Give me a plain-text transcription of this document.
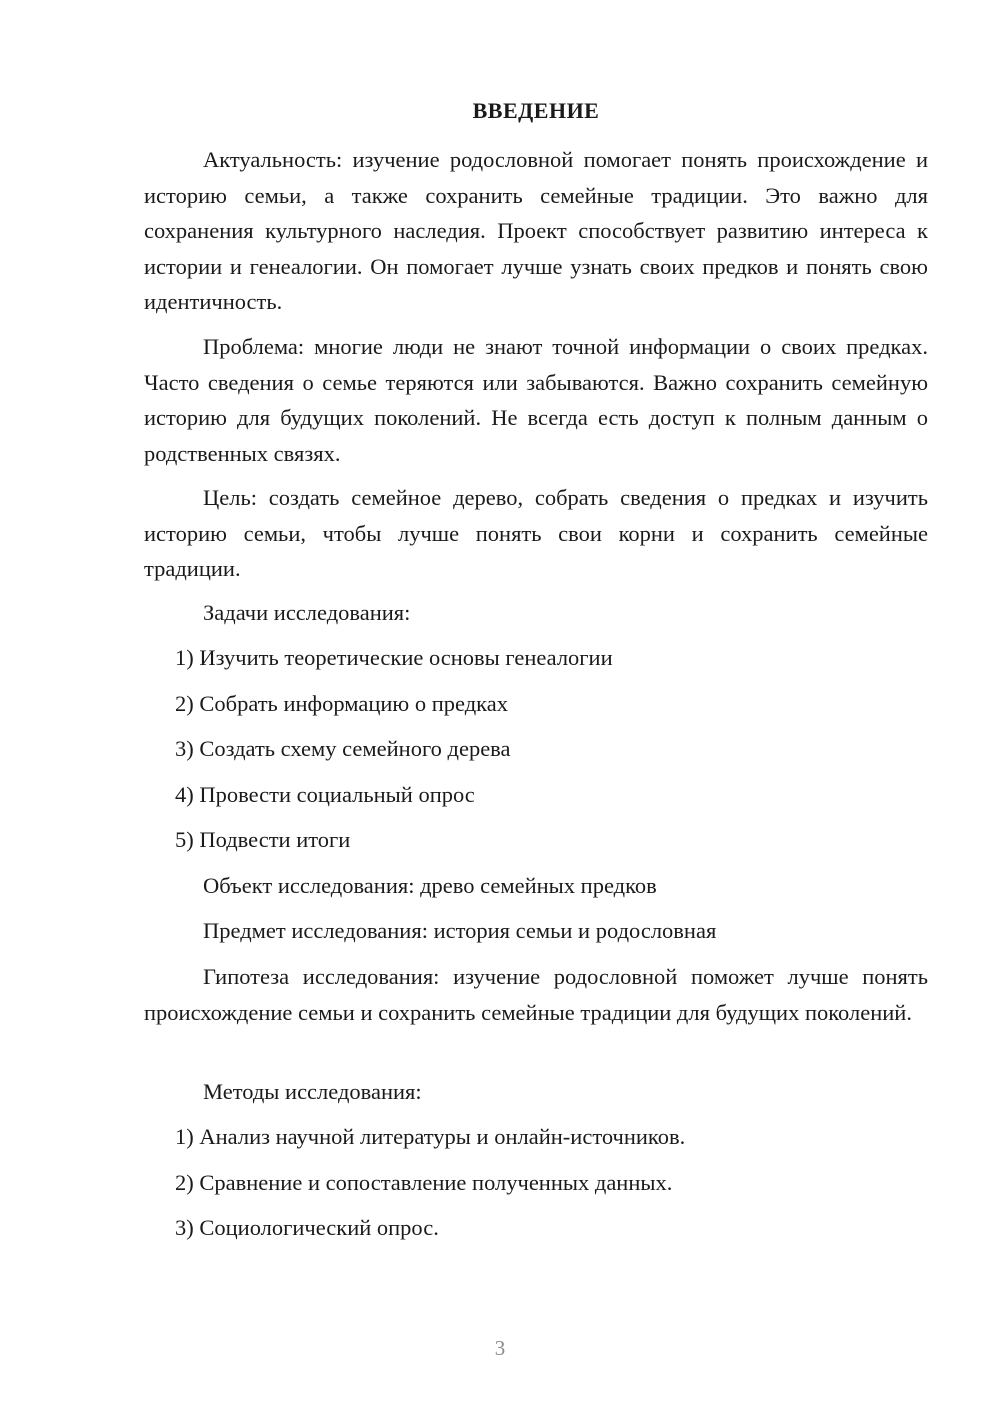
ВВЕДЕНИЕ

Актуальность: изучение родословной помогает понять происхождение и историю семьи, а также сохранить семейные традиции. Это важно для сохранения культурного наследия. Проект способствует развитию интереса к истории и генеалогии. Он помогает лучше узнать своих предков и понять свою идентичность.

Проблема: многие люди не знают точной информации о своих предках. Часто сведения о семье теряются или забываются. Важно сохранить семейную историю для будущих поколений. Не всегда есть доступ к полным данным о родственных связях.

Цель: создать семейное дерево, собрать сведения о предках и изучить историю семьи, чтобы лучше понять свои корни и сохранить семейные традиции.

Задачи исследования:

1) Изучить теоретические основы генеалогии

2) Собрать информацию о предках

3) Создать схему семейного дерева

4) Провести социальный опрос

5) Подвести итоги

Объект исследования: древо семейных предков

Предмет исследования: история семьи и родословная

Гипотеза исследования: изучение родословной поможет лучше понять происхождение семьи и сохранить семейные традиции для будущих поколений.

Методы исследования:

1) Анализ научной литературы и онлайн-источников.

2) Сравнение и сопоставление полученных данных.

3) Социологический опрос.

3
